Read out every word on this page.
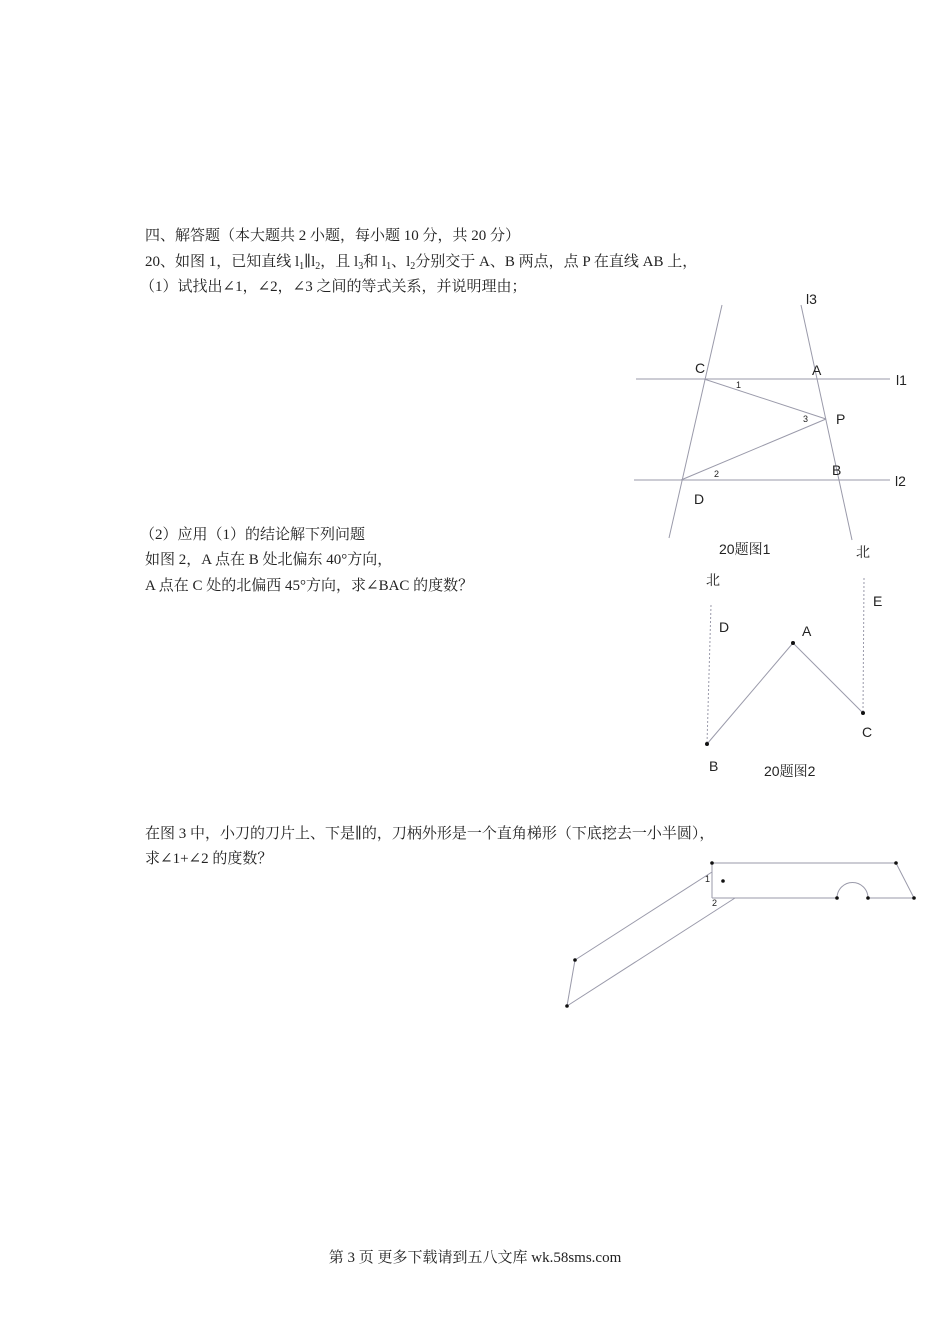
四、解答题（本大题共 2 小题，每小题 10 分，共 20 分）
20、如图 1，已知直线 $l_1\parallel l_2$，且 $l_3$和 $l_1$、$l_2$分别交于 A、B 两点，点 P 在直线 AB 上，
（1）试找出∠1，∠2，∠3 之间的等式关系，并说明理由；
（2）应用（1）的结论解下列问题
如图 2，A 点在 B 处北偏东 40°方向，
A 点在 C 处的北偏西 45°方向，求∠BAC 的度数？
在图 3 中，小刀的刀片上、下是∥的，刀柄外形是一个直角梯形（下底挖去一小半圆），
求∠1+∠2 的度数？
l3
l1
l2
C	A
P
B
D
1
2
3
20题图1
北
北
D
E
A
B
C
20题图2
1
2
第 3 页 更多下载请到五八文库 wk.58sms.com
